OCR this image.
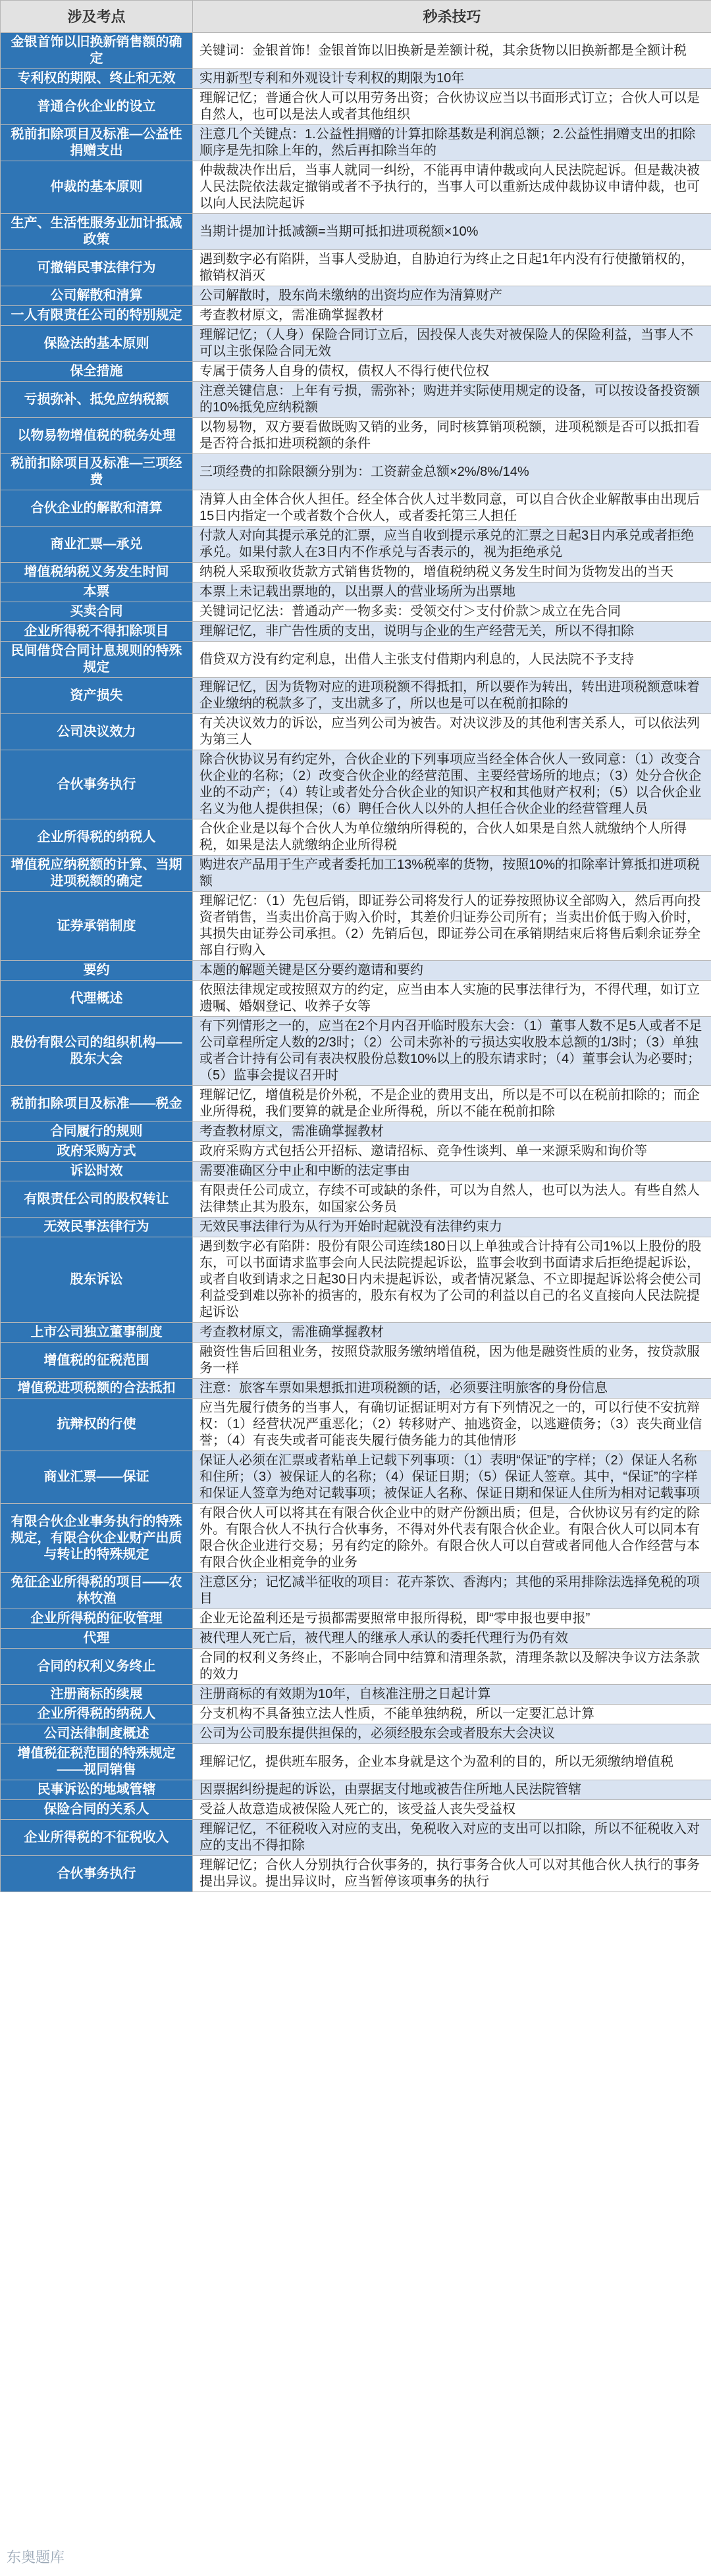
涉及考点	秒杀技巧
金银首饰以旧换新销售额的确定	关键词：金银首饰！金银首饰以旧换新是差额计税，其余货物以旧换新都是全额计税
专利权的期限、终止和无效	实用新型专利和外观设计专利权的期限为10年
普通合伙企业的设立	理解记忆；普通合伙人可以用劳务出资；合伙协议应当以书面形式订立；合伙人可以是自然人，也可以是法人或者其他组织
税前扣除项目及标准—公益性捐赠支出	注意几个关键点：1.公益性捐赠的计算扣除基数是利润总额；2.公益性捐赠支出的扣除顺序是先扣除上年的，然后再扣除当年的
仲裁的基本原则	仲裁裁决作出后，当事人就同一纠纷，不能再申请仲裁或向人民法院起诉。但是裁决被人民法院依法裁定撤销或者不予执行的，当事人可以重新达成仲裁协议申请仲裁，也可以向人民法院起诉
生产、生活性服务业加计抵减政策	当期计提加计抵减额=当期可抵扣进项税额×10%
可撤销民事法律行为	遇到数字必有陷阱，当事人受胁迫，自胁迫行为终止之日起1年内没有行使撤销权的，撤销权消灭
公司解散和清算	公司解散时，股东尚未缴纳的出资均应作为清算财产
一人有限责任公司的特别规定	考查教材原文，需准确掌握教材
保险法的基本原则	理解记忆；（人身）保险合同订立后，因投保人丧失对被保险人的保险利益，当事人不可以主张保险合同无效
保全措施	专属于债务人自身的债权，债权人不得行使代位权
亏损弥补、抵免应纳税额	注意关键信息：上年有亏损，需弥补；购进并实际使用规定的设备，可以按设备投资额的10%抵免应纳税额
以物易物增值税的税务处理	以物易物，双方要看做既购又销的业务，同时核算销项税额，进项税额是否可以抵扣看是否符合抵扣进项税额的条件
税前扣除项目及标准—三项经费	三项经费的扣除限额分别为：工资薪金总额×2%/8%/14%
合伙企业的解散和清算	清算人由全体合伙人担任。经全体合伙人过半数同意，可以自合伙企业解散事由出现后15日内指定一个或者数个合伙人，或者委托第三人担任
商业汇票—承兑	付款人对向其提示承兑的汇票，应当自收到提示承兑的汇票之日起3日内承兑或者拒绝承兑。如果付款人在3日内不作承兑与否表示的，视为拒绝承兑
增值税纳税义务发生时间	纳税人采取预收货款方式销售货物的，增值税纳税义务发生时间为货物发出的当天
本票	本票上未记载出票地的，以出票人的营业场所为出票地
买卖合同	关键词记忆法：普通动产一物多卖：受领交付＞支付价款＞成立在先合同
企业所得税不得扣除项目	理解记忆，非广告性质的支出，说明与企业的生产经营无关，所以不得扣除
民间借贷合同计息规则的特殊规定	借贷双方没有约定利息，出借人主张支付借期内利息的，人民法院不予支持
资产损失	理解记忆，因为货物对应的进项税额不得抵扣，所以要作为转出，转出进项税额意味着企业缴纳的税款多了，支出就多了，所以也是可以在税前扣除的
公司决议效力	有关决议效力的诉讼，应当列公司为被告。对决议涉及的其他利害关系人，可以依法列为第三人
合伙事务执行	除合伙协议另有约定外，合伙企业的下列事项应当经全体合伙人一致同意：（1）改变合伙企业的名称；（2）改变合伙企业的经营范围、主要经营场所的地点；（3）处分合伙企业的不动产；（4）转让或者处分合伙企业的知识产权和其他财产权利；（5）以合伙企业名义为他人提供担保；（6）聘任合伙人以外的人担任合伙企业的经营管理人员
企业所得税的纳税人	合伙企业是以每个合伙人为单位缴纳所得税的，合伙人如果是自然人就缴纳个人所得税，如果是法人就缴纳企业所得税
增值税应纳税额的计算、当期进项税额的确定	购进农产品用于生产或者委托加工13%税率的货物，按照10%的扣除率计算抵扣进项税额
证券承销制度	理解记忆：（1）先包后销，即证券公司将发行人的证券按照协议全部购入，然后再向投资者销售，当卖出价高于购入价时，其差价归证券公司所有；当卖出价低于购入价时，其损失由证券公司承担。（2）先销后包，即证券公司在承销期结束后将售后剩余证券全部自行购入
要约	本题的解题关键是区分要约邀请和要约
代理概述	依照法律规定或按照双方的约定，应当由本人实施的民事法律行为，不得代理，如订立遗嘱、婚姻登记、收养子女等
股份有限公司的组织机构——股东大会	有下列情形之一的，应当在2个月内召开临时股东大会：（1）董事人数不足5人或者不足公司章程所定人数的2/3时；（2）公司未弥补的亏损达实收股本总额的1/3时；（3）单独或者合计持有公司有表决权股份总数10%以上的股东请求时；（4）董事会认为必要时；（5）监事会提议召开时
税前扣除项目及标准——税金	理解记忆，增值税是价外税，不是企业的费用支出，所以是不可以在税前扣除的；而企业所得税，我们要算的就是企业所得税，所以不能在税前扣除
合同履行的规则	考查教材原文，需准确掌握教材
政府采购方式	政府采购方式包括公开招标、邀请招标、竞争性谈判、单一来源采购和询价等
诉讼时效	需要准确区分中止和中断的法定事由
有限责任公司的股权转让	有限责任公司成立，存续不可或缺的条件，可以为自然人，也可以为法人。有些自然人法律禁止其为股东，如国家公务员
无效民事法律行为	无效民事法律行为从行为开始时起就没有法律约束力
股东诉讼	遇到数字必有陷阱：股份有限公司连续180日以上单独或合计持有公司1%以上股份的股东，可以书面请求监事会向人民法院提起诉讼，监事会收到书面请求后拒绝提起诉讼，或者自收到请求之日起30日内未提起诉讼，或者情况紧急、不立即提起诉讼将会使公司利益受到难以弥补的损害的，股东有权为了公司的利益以自己的名义直接向人民法院提起诉讼
上市公司独立董事制度	考查教材原文，需准确掌握教材
增值税的征税范围	融资性售后回租业务，按照贷款服务缴纳增值税，因为他是融资性质的业务，按贷款服务一样
增值税进项税额的合法抵扣	注意：旅客车票如果想抵扣进项税额的话，必须要注明旅客的身份信息
抗辩权的行使	应当先履行债务的当事人，有确切证据证明对方有下列情况之一的，可以行使不安抗辩权：（1）经营状况严重恶化；（2）转移财产、抽逃资金，以逃避债务；（3）丧失商业信誉；（4）有丧失或者可能丧失履行债务能力的其他情形
商业汇票——保证	保证人必须在汇票或者粘单上记载下列事项：（1）表明“保证”的字样；（2）保证人名称和住所；（3）被保证人的名称；（4）保证日期；（5）保证人签章。其中，“保证”的字样和保证人签章为绝对记载事项；被保证人名称、保证日期和保证人住所为相对记载事项
有限合伙企业事务执行的特殊规定，有限合伙企业财产出质与转让的特殊规定	有限合伙人可以将其在有限合伙企业中的财产份额出质；但是，合伙协议另有约定的除外。有限合伙人不执行合伙事务，不得对外代表有限合伙企业。有限合伙人可以同本有限合伙企业进行交易；另有约定的除外。有限合伙人可以自营或者同他人合作经营与本有限合伙企业相竞争的业务
免征企业所得税的项目——农林牧渔	注意区分；记忆减半征收的项目：花卉茶饮、香海内；其他的采用排除法选择免税的项目
企业所得税的征收管理	企业无论盈利还是亏损都需要照常申报所得税，即“零申报也要申报”
代理	被代理人死亡后，被代理人的继承人承认的委托代理行为仍有效
合同的权利义务终止	合同的权利义务终止，不影响合同中结算和清理条款，清理条款以及解决争议方法条款的效力
注册商标的续展	注册商标的有效期为10年，自核准注册之日起计算
企业所得税的纳税人	分支机构不具备独立法人性质，不能单独纳税，所以一定要汇总计算
公司法律制度概述	公司为公司股东提供担保的，必须经股东会或者股东大会决议
增值税征税范围的特殊规定——视同销售	理解记忆，提供班车服务，企业本身就是这个为盈利的目的，所以无须缴纳增值税
民事诉讼的地域管辖	因票据纠纷提起的诉讼，由票据支付地或被告住所地人民法院管辖
保险合同的关系人	受益人故意造成被保险人死亡的，该受益人丧失受益权
企业所得税的不征税收入	理解记忆，不征税收入对应的支出，免税收入对应的支出可以扣除，所以不征税收入对应的支出不得扣除
合伙事务执行	理解记忆；合伙人分别执行合伙事务的，执行事务合伙人可以对其他合伙人执行的事务提出异议。提出异议时，应当暂停该项事务的执行
东奥题库
